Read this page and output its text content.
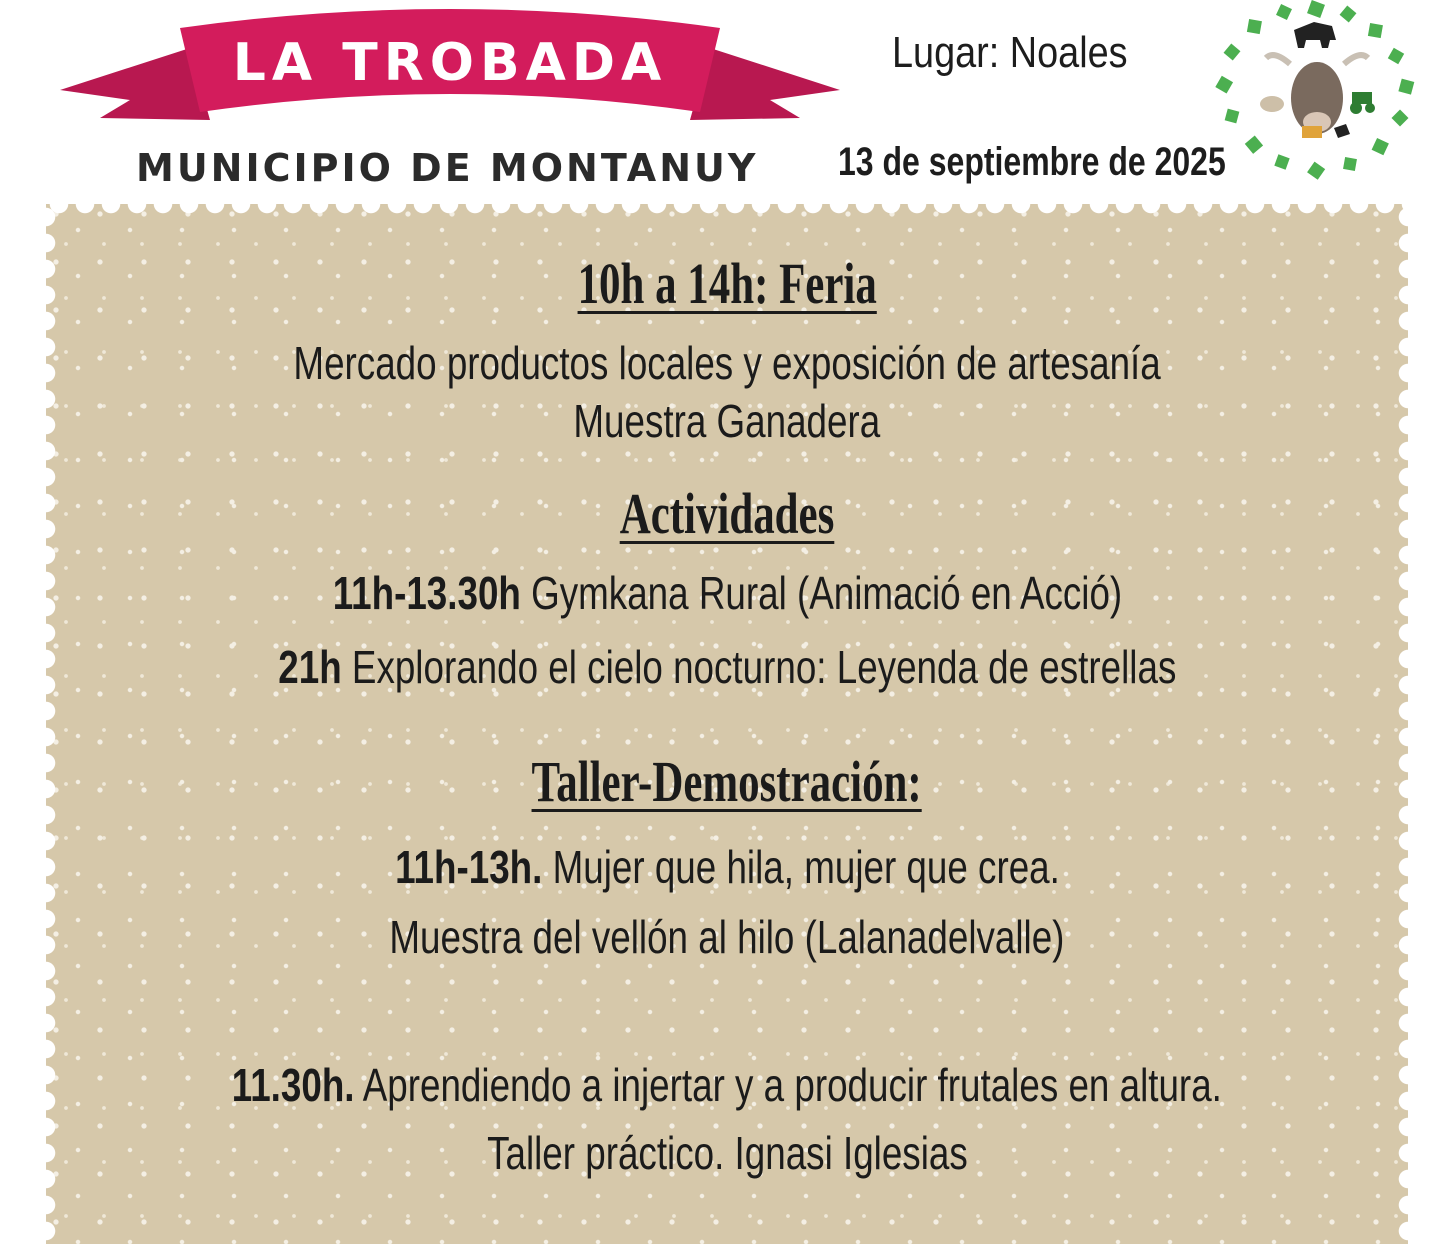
LA TROBADA
MUNICIPIO DE MONTANUY
Lugar: Noales
13 de septiembre de 2025
10h a 14h: Feria
Mercado productos locales y exposición de artesanía
Muestra Ganadera
Actividades
11h-13.30h Gymkana Rural (Animació en Acció)
21h Explorando el cielo nocturno: Leyenda de estrellas
Taller-Demostración:
11h-13h. Mujer que hila, mujer que crea.
Muestra del vellón al hilo (Lalanadelvalle)
11.30h. Aprendiendo a injertar y a producir frutales en altura.
Taller práctico. Ignasi Iglesias
